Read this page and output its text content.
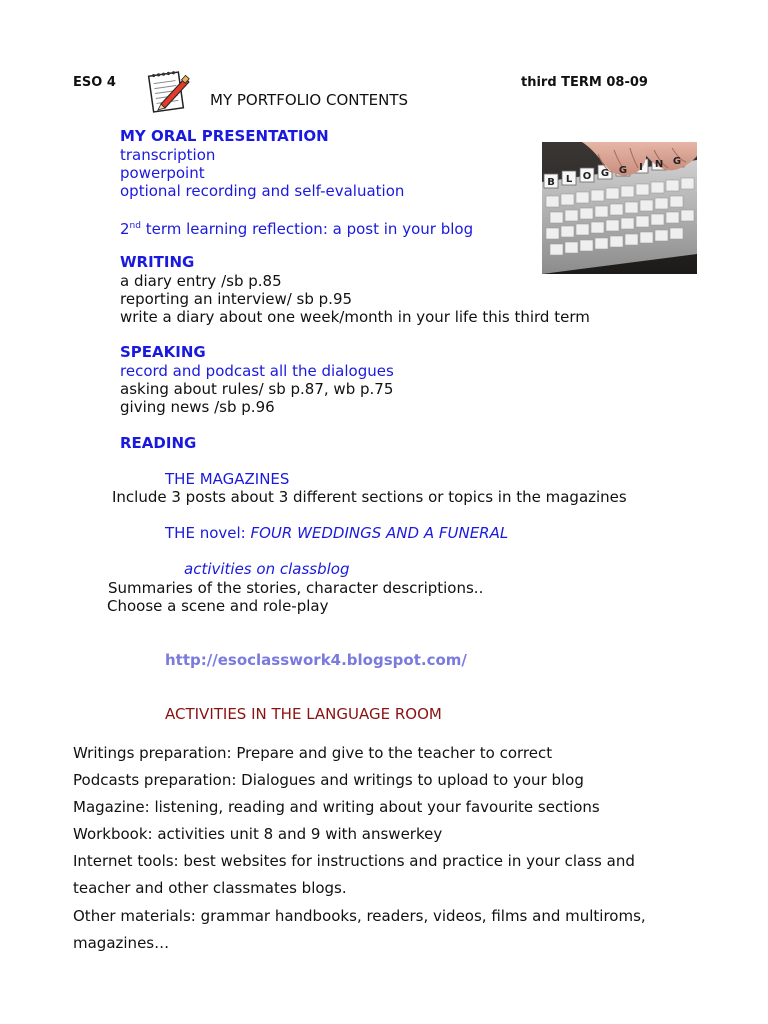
ESO 4	third TERM 08-09
MY PORTFOLIO CONTENTS
MY ORAL PRESENTATION
transcription
powerpoint
optional recording and self-evaluation
2nd term learning reflection: a post in your blog
WRITING
a diary entry /sb p.85
reporting an interview/ sb p.95
write a diary about one week/month in your life this third term
SPEAKING
record and podcast all the dialogues
asking about rules/ sb p.87, wb p.75
giving news /sb p.96
READING
THE MAGAZINES
Include 3 posts about 3 different sections or topics in the magazines
THE novel: FOUR WEDDINGS AND A FUNERAL
activities on classblog
Summaries of the stories, character descriptions..
Choose a scene and role-play
http://esoclasswork4.blogspot.com/
ACTIVITIES IN THE LANGUAGE ROOM
Writings preparation: Prepare and give to the teacher to correct
Podcasts preparation: Dialogues and writings to upload to your blog
Magazine: listening, reading and writing about your favourite sections
Workbook: activities unit 8 and 9 with answerkey
Internet tools: best websites for instructions and practice in your class and
teacher and other classmates blogs.
Other materials: grammar handbooks, readers, videos, films and multiroms,
magazines…
B L O G G I N G
